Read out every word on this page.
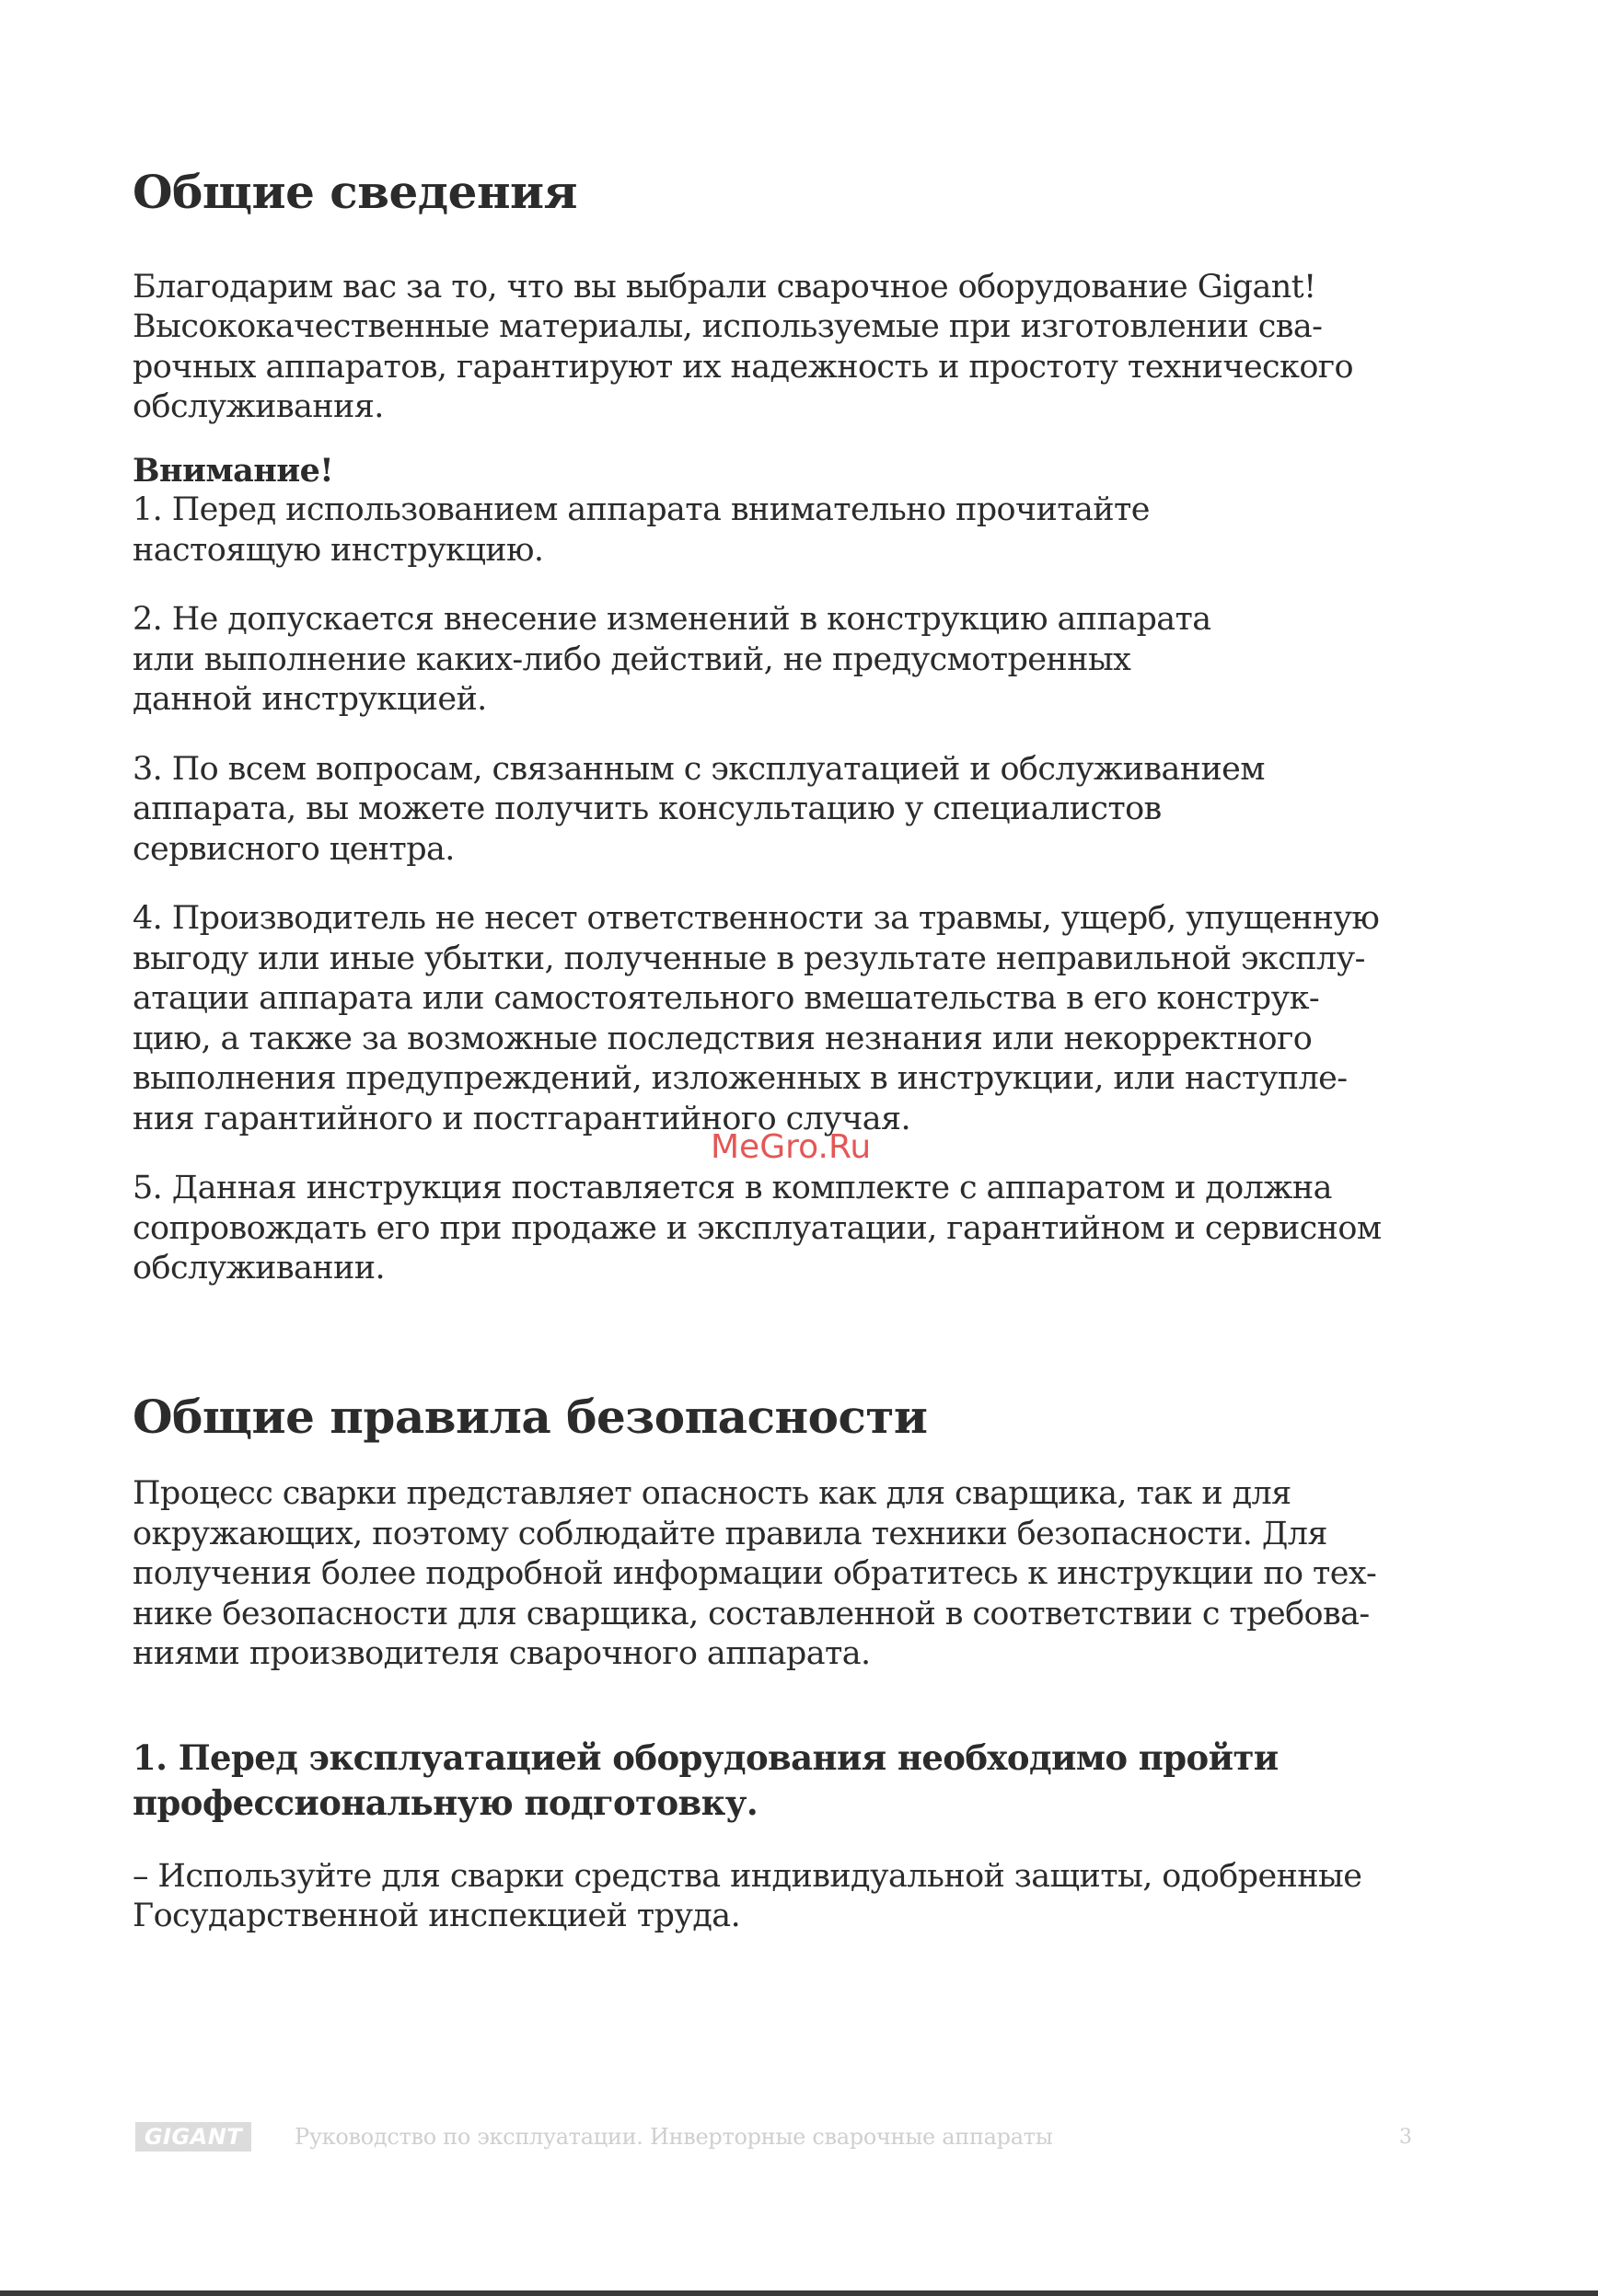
Общие сведения

Благодарим вас за то, что вы выбрали сварочное оборудование Gigant!
Высококачественные материалы, используемые при изготовлении сва-
рочных аппаратов, гарантируют их надежность и простоту технического
обслуживания.

Внимание!

1. Перед использованием аппарата внимательно прочитайте
настоящую инструкцию.

2. Не допускается внесение изменений в конструкцию аппарата
или выполнение каких-либо действий, не предусмотренных
данной инструкцией.

3. По всем вопросам, связанным с эксплуатацией и обслуживанием
аппарата, вы можете получить консультацию у специалистов
сервисного центра.

4. Производитель не несет ответственности за травмы, ущерб, упущенную
выгоду или иные убытки, полученные в результате неправильной эксплу-
атации аппарата или самостоятельного вмешательства в его конструк-
цию, а также за возможные последствия незнания или некорректного
выполнения предупреждений, изложенных в инструкции, или наступле-
ния гарантийного и постгарантийного случая.

5. Данная инструкция поставляется в комплекте с аппаратом и должна
сопровождать его при продаже и эксплуатации, гарантийном и сервисном
обслуживании.

Общие правила безопасности

Процесс сварки представляет опасность как для сварщика, так и для
окружающих, поэтому соблюдайте правила техники безопасности. Для
получения более подробной информации обратитесь к инструкции по тех-
нике безопасности для сварщика, составленной в соответствии с требова-
ниями производителя сварочного аппарата.

1. Перед эксплуатацией оборудования необходимо пройти
профессиональную подготовку.

– Используйте для сварки средства индивидуальной защиты, одобренные
Государственной инспекцией труда.

MeGro.Ru
GIGANT	Руководство по эксплуатации. Инверторные сварочные аппараты	3
